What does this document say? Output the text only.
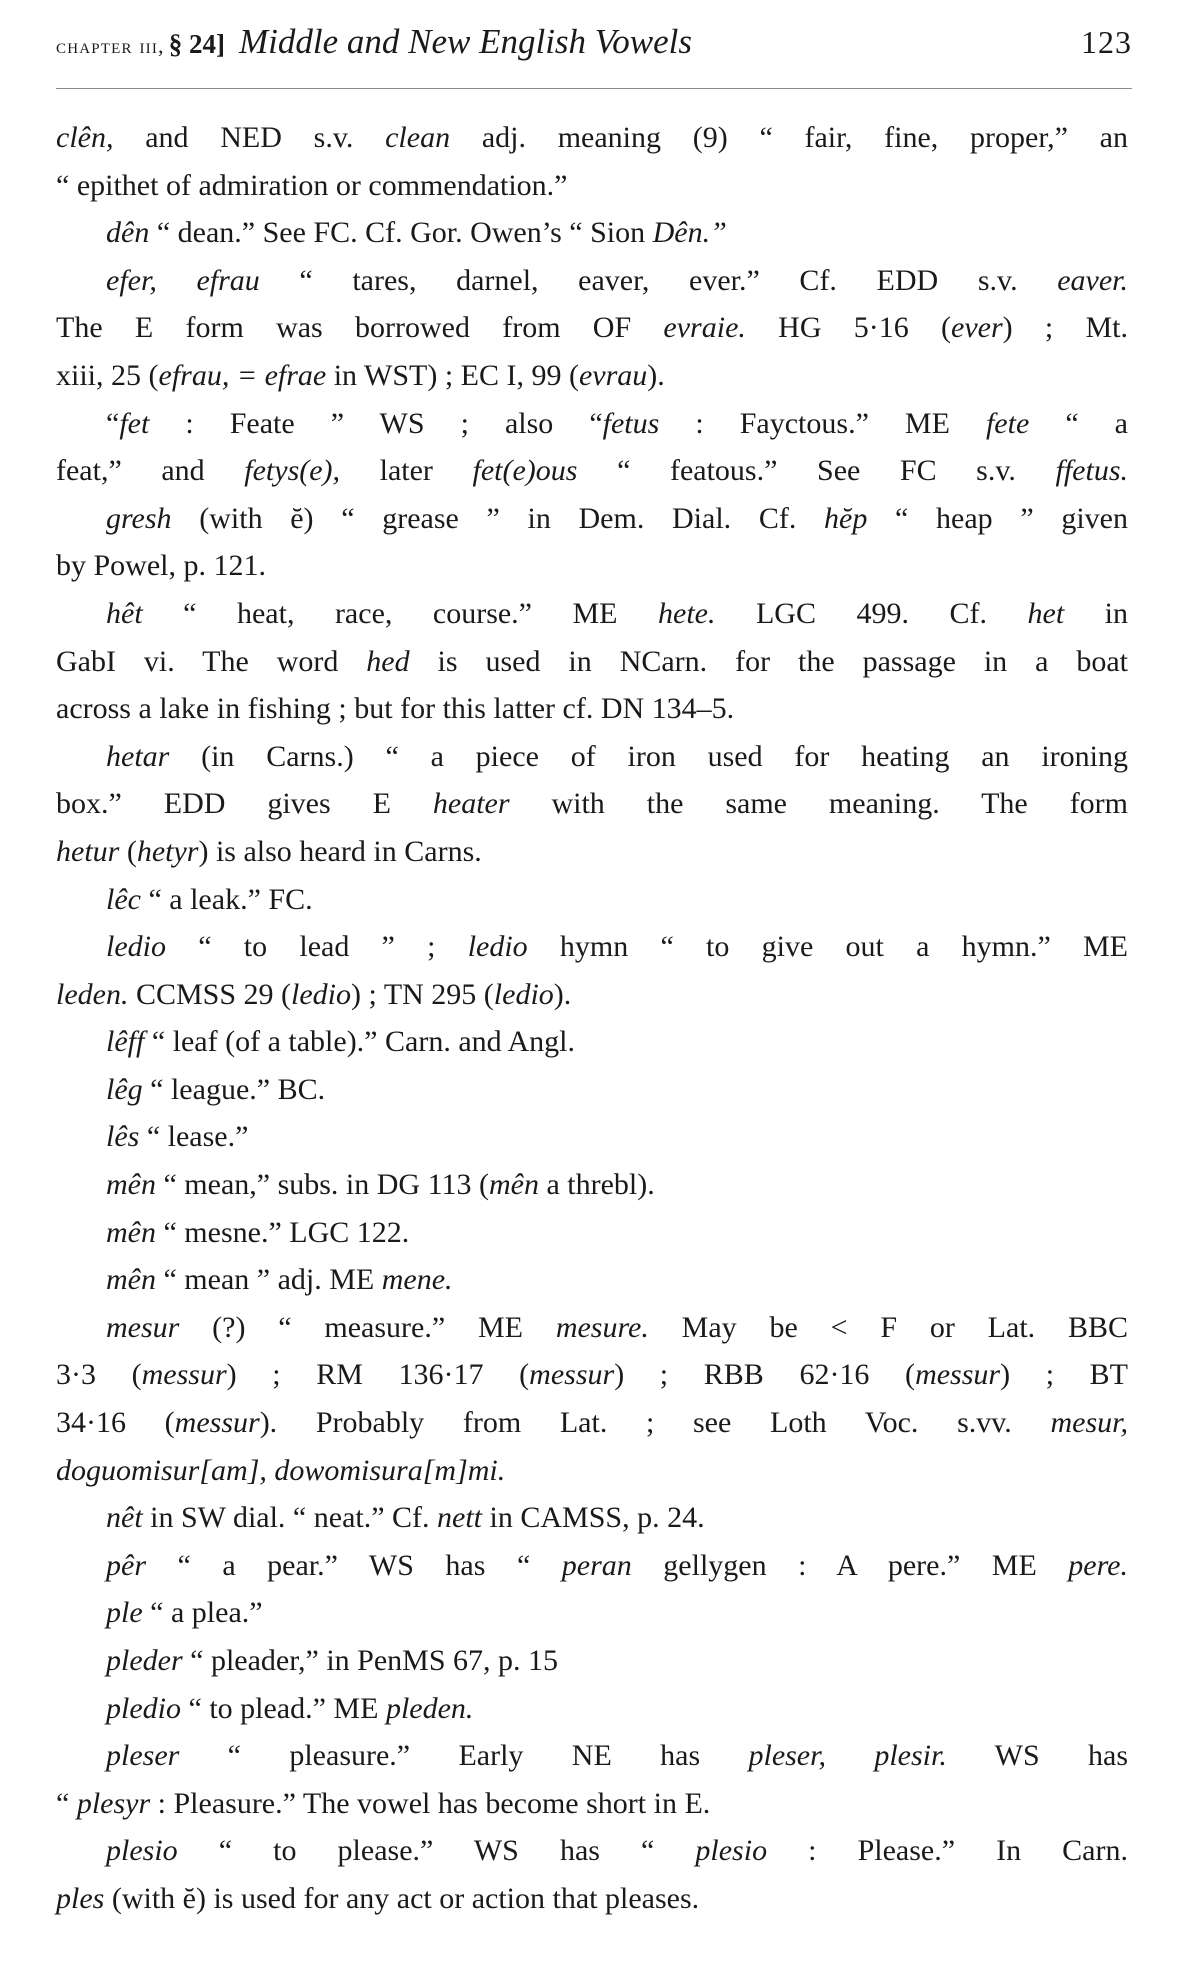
chapter iii, § 24] Middle and New English Vowels	123
clên, and NED s.v. clean adj. meaning (9) “ fair, fine, proper,” an
“ epithet of admiration or commendation.”
dên “ dean.” See FC. Cf. Gor. Owen’s “ Sion Dên.”
efer, efrau “ tares, darnel, eaver, ever.” Cf. EDD s.v. eaver.
The E form was borrowed from OF evraie. HG 5·16 (ever) ; Mt.
xiii, 25 (efrau, = efrae in WST) ; EC I, 99 (evrau).
“fet : Feate ” WS ; also “fetus : Fayctous.” ME fete “ a
feat,” and fetys(e), later fet(e)ous “ featous.” See FC s.v. ffetus.
gresh (with ĕ) “ grease ” in Dem. Dial. Cf. hĕp “ heap ” given
by Powel, p. 121.
hêt “ heat, race, course.” ME hete. LGC 499. Cf. het in
GabI vi. The word hed is used in NCarn. for the passage in a boat
across a lake in fishing ; but for this latter cf. DN 134–5.
hetar (in Carns.) “ a piece of iron used for heating an ironing
box.” EDD gives E heater with the same meaning. The form
hetur (hetyr) is also heard in Carns.
lêc “ a leak.” FC.
ledio “ to lead ” ; ledio hymn “ to give out a hymn.” ME
leden. CCMSS 29 (ledio) ; TN 295 (ledio).
lêff “ leaf (of a table).” Carn. and Angl.
lêg “ league.” BC.
lês “ lease.”
mên “ mean,” subs. in DG 113 (mên a threbl).
mên “ mesne.” LGC 122.
mên “ mean ” adj. ME mene.
mesur (?) “ measure.” ME mesure. May be < F or Lat. BBC
3·3 (messur) ; RM 136·17 (messur) ; RBB 62·16 (messur) ; BT
34·16 (messur). Probably from Lat. ; see Loth Voc. s.vv. mesur,
doguomisur[am], dowomisura[m]mi.
nêt in SW dial. “ neat.” Cf. nett in CAMSS, p. 24.
pêr “ a pear.” WS has “ peran gellygen : A pere.” ME pere.
ple “ a plea.”
pleder “ pleader,” in PenMS 67, p. 15
pledio “ to plead.” ME pleden.
pleser “ pleasure.” Early NE has pleser, plesir. WS has
“ plesyr : Pleasure.” The vowel has become short in E.
plesio “ to please.” WS has “ plesio : Please.” In Carn.
ples (with ĕ) is used for any act or action that pleases.
